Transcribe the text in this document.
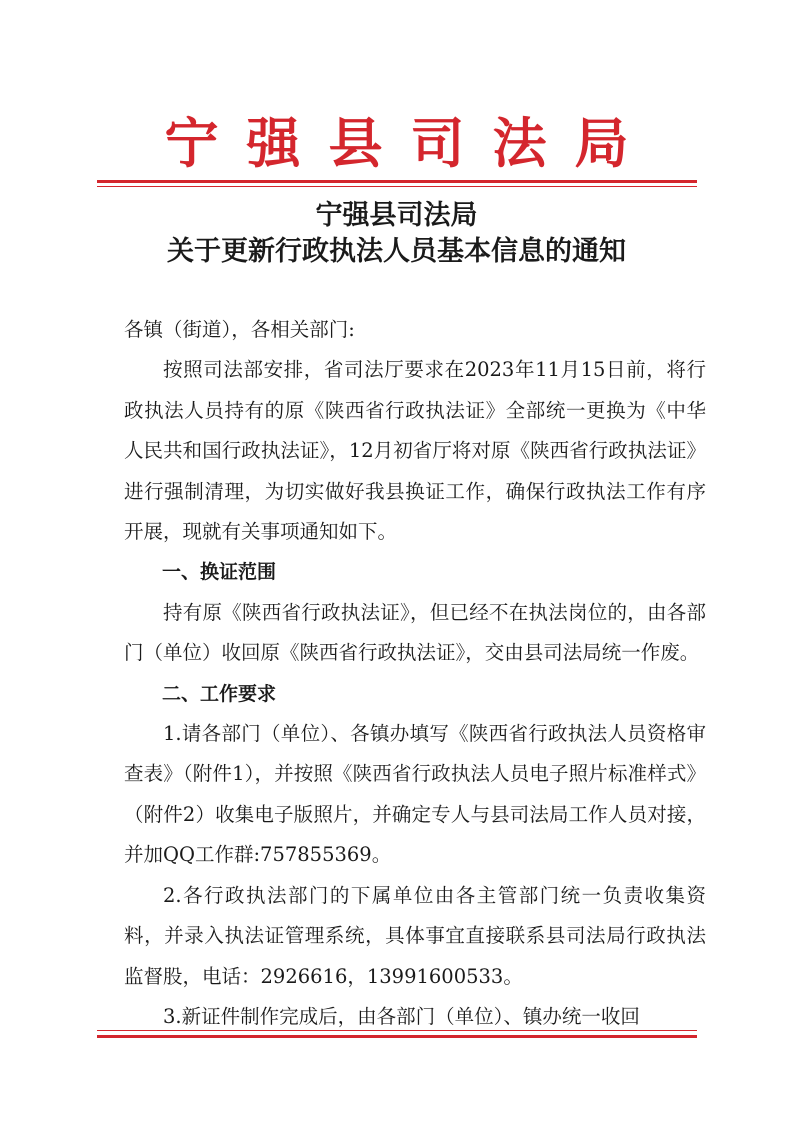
宁强县司法局
宁强县司法局
关于更新行政执法人员基本信息的通知

各镇（街道），各相关部门:

按照司法部安排，省司法厅要求在2023年11月15日前，将行政执法人员持有的原《陕西省行政执法证》全部统一更换为《中华人民共和国行政执法证》，12月初省厅将对原《陕西省行政执法证》进行强制清理，为切实做好我县换证工作，确保行政执法工作有序开展，现就有关事项通知如下。

一、换证范围

持有原《陕西省行政执法证》，但已经不在执法岗位的，由各部门（单位）收回原《陕西省行政执法证》，交由县司法局统一作废。

二、工作要求

1.请各部门（单位）、各镇办填写《陕西省行政执法人员资格审查表》（附件1），并按照《陕西省行政执法人员电子照片标准样式》（附件2）收集电子版照片，并确定专人与县司法局工作人员对接，并加QQ工作群:757855369。

2.各行政执法部门的下属单位由各主管部门统一负责收集资料，并录入执法证管理系统，具体事宜直接联系县司法局行政执法监督股，电话：2926616，13991600533。

3.新证件制作完成后，由各部门（单位）、镇办统一收回
